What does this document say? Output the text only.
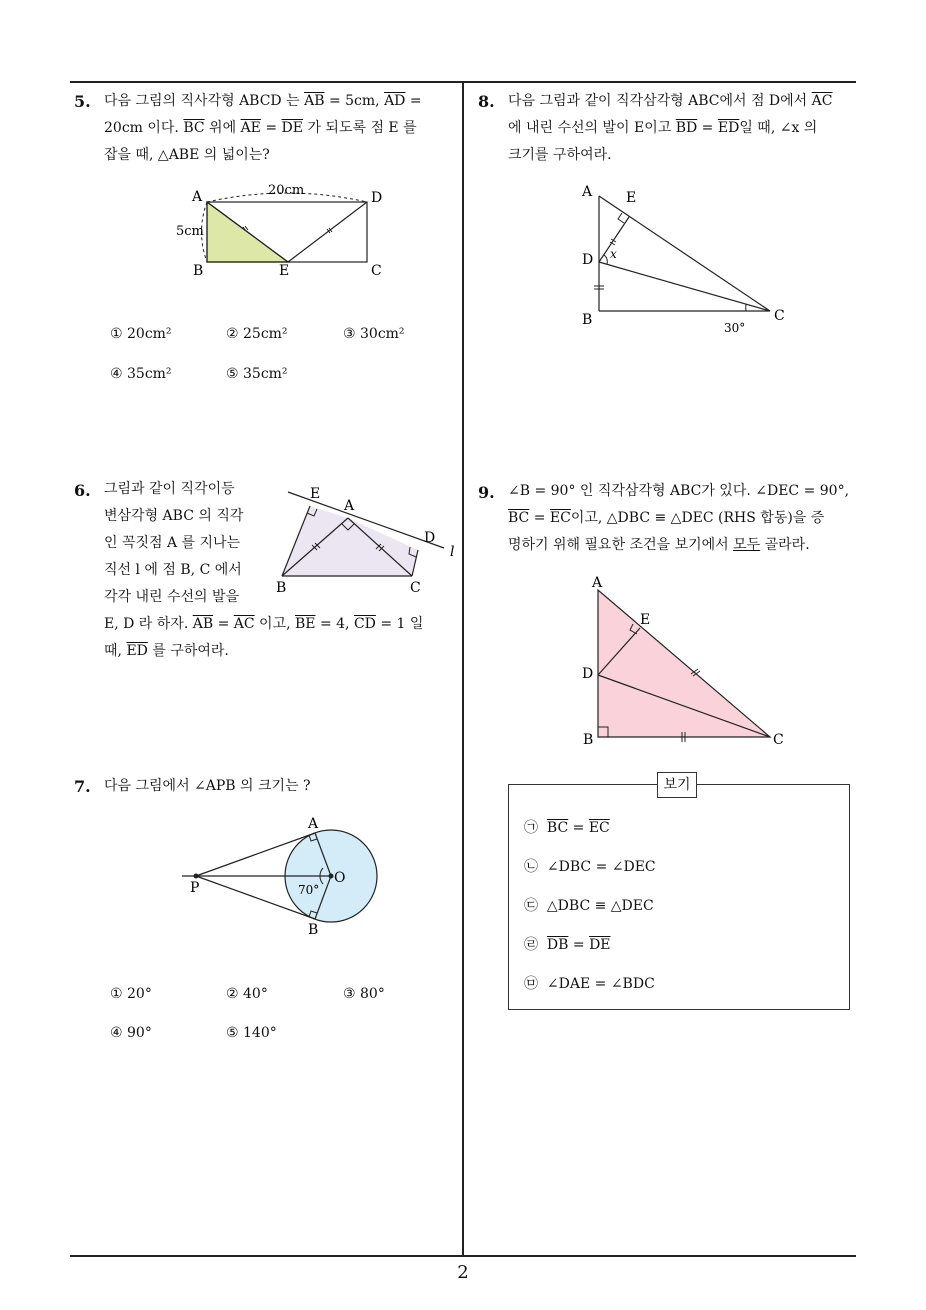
5. 다음 그림의 직사각형 ABCD 는 $\overline{AB} = 5cm$, $\overline{AD}$ =
20cm 이다. $\overline{BC}$ 위에 $\overline{AE} = \overline{DE}$ 가 되도록 점 E 를
잡을 때, △ABE 의 넓이는?
A	D
B	E	C
20cm
5cm
① 20cm²	② 25cm²	③ 30cm²
④ 35cm²	⑤ 35cm²
6. 그림과 같이 직각이등
변삼각형 ABC 의 직각
인 꼭짓점 A 를 지나는
직선 l 에 점 B, C 에서
각각 내린 수선의 발을
E, D 라 하자. $\overline{AB} = \overline{AC}$ 이고, $\overline{BE} = 4$, $\overline{CD} = 1$ 일
때, $\overline{ED}$ 를 구하여라.
E
A
D
l
B	C
7. 다음 그림에서 ∠APB 의 크기는 ?
A
P
O
70°
B
① 20°	② 40°	③ 80°
④ 90°	⑤ 140°
8. 다음 그림과 같이 직각삼각형 ABC에서 점 D에서 $\overline{AC}$
에 내린 수선의 발이 E이고 $\overline{BD} = \overline{ED}$일 때, ∠x 의
크기를 구하여라.
A E
D x
B	C
30°
9. ∠B = 90° 인 직각삼각형 ABC가 있다. ∠DEC = 90°,
$\overline{BC} = \overline{EC}$이고, △DBC ≡ △DEC (RHS 합동)을 증
명하기 위해 필요한 조건을 보기에서 모두 골라라.
A
E
D
B	C
보기
㉠ $\overline{BC} = \overline{EC}$
㉡ ∠DBC = ∠DEC
㉢ △DBC ≡ △DEC
㉣ $\overline{DB} = \overline{DE}$
㉤ ∠DAE = ∠BDC
2
